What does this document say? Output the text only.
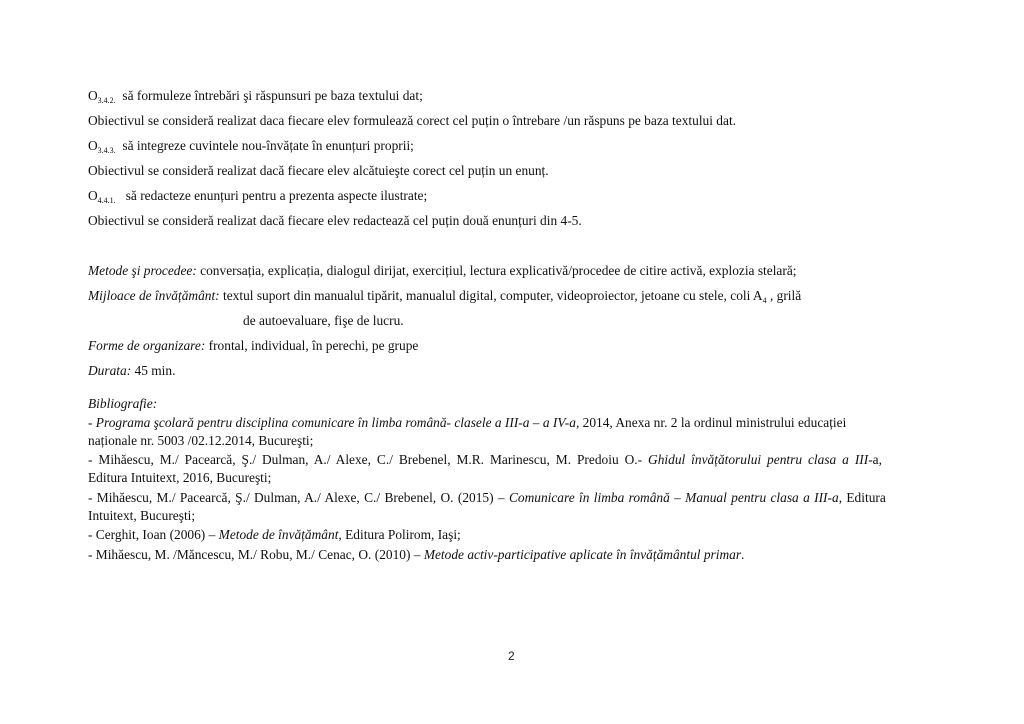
$O_{3.4.2.}$ să formuleze întrebări şi răspunsuri pe baza textului dat;
Obiectivul se consideră realizat daca fiecare elev formulează corect cel puțin o întrebare /un răspuns pe baza textului dat.
$O_{3.4.3.}$ să integreze cuvintele nou-învățate în enunțuri proprii;
Obiectivul se consideră realizat dacă fiecare elev alcătuieşte corect cel puțin un enunț.
$O_{4.4.1.}$ să redacteze enunțuri pentru a prezenta aspecte ilustrate;
Obiectivul se consideră realizat dacă fiecare elev redactează cel puțin două enunțuri din 4-5.
Metode şi procedee: conversația, explicația, dialogul dirijat, exercițiul, lectura explicativă/procedee de citire activă, explozia stelară;
Mijloace de învățământ: textul suport din manualul tipărit, manualul digital, computer, videoproiector, jetoane cu stele, coli $A_4$ , grilă
de autoevaluare, fişe de lucru.
Forme de organizare: frontal, individual, în perechi, pe grupe
Durata: 45 min.
Bibliografie:
- Programa şcolară pentru disciplina comunicare în limba română- clasele a III-a – a IV-a, 2014, Anexa nr. 2 la ordinul ministrului educației
naționale nr. 5003 /02.12.2014, Bucureşti;
- Mihăescu, M./ Pacearcă, Ş./ Dulman, A./ Alexe, C./ Brebenel, M.R. Marinescu, M. Predoiu O.- Ghidul învățătorului pentru clasa a III-a,
Editura Intuitext, 2016, Bucureşti;
- Mihăescu, M./ Pacearcă, Ş./ Dulman, A./ Alexe, C./ Brebenel, O. (2015) – Comunicare în limba română – Manual pentru clasa a III-a, Editura
Intuitext, Bucureşti;
- Cerghit, Ioan (2006) – Metode de învățământ, Editura Polirom, Iaşi;
- Mihăescu, M. /Măncescu, M./ Robu, M./ Cenac, O. (2010) – Metode activ-participative aplicate în învățământul primar.
2
